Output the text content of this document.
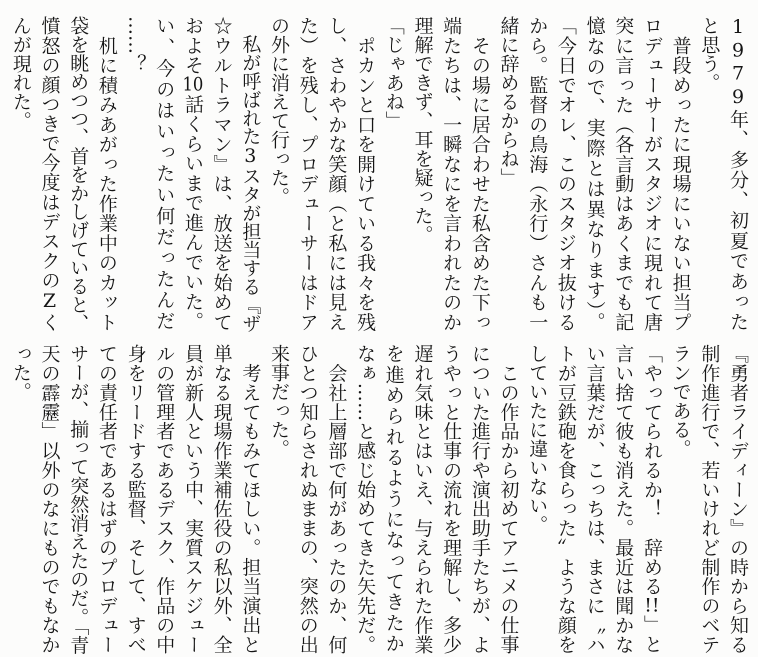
1979年、多分、初夏であった

と思う。

　普段めったに現場にいない担当プ

ロデューサーがスタジオに現れて唐

突に言った（各言動はあくまでも記

憶なので、実際とは異なります）。

「今日でオレ、このスタジオ抜ける

から。監督の鳥海（永行）さんも一

緒に辞めるからね」

　その場に居合わせた私含めた下っ

端たちは、一瞬なにを言われたのか

理解できず、耳を疑った。

「じゃあね」

　ポカンと口を開けている我々を残

し、さわやかな笑顔（と私には見え

た）を残し、プロデューサーはドア

の外に消えて行った。

　私が呼ばれた3スタが担当する『ザ

☆ウルトラマン』は、放送を始めて

およそ10話くらいまで進んでいた。

い、今のはいったい何だったんだ

……？

　机に積みあがった作業中のカット

袋を眺めつつ、首をかしげていると、

憤怒の顔つきで今度はデスクのZく

んが現れた。

『勇者ライディーン』の時から知る

制作進行で、若いけれど制作のベテ

ランである。

「やってられるか！　辞める!!」と

言い捨て彼も消えた。最近は聞かな

い言葉だが、こっちは、まさに〝ハ

トが豆鉄砲を食らった〟ような顔を

していたに違いない。

　この作品から初めてアニメの仕事

についた進行や演出助手たちが、よ

うやっと仕事の流れを理解し、多少

遅れ気味とはいえ、与えられた作業

を進められるようになってきたか

なぁ……と感じ始めてきた矢先だ。

　会社上層部で何があったのか、何

ひとつ知らされぬままの、突然の出

来事だった。

　考えてもみてほしい。担当演出と

単なる現場作業補佐役の私以外、全

員が新人という中、実質スケジュー

ルの管理者であるデスク、作品の中

身をリードする監督、そして、すべ

ての責任者であるはずのプロデュー

サーが、揃って突然消えたのだ。「青

天の霹靂」以外のなにものでもなか

った。
